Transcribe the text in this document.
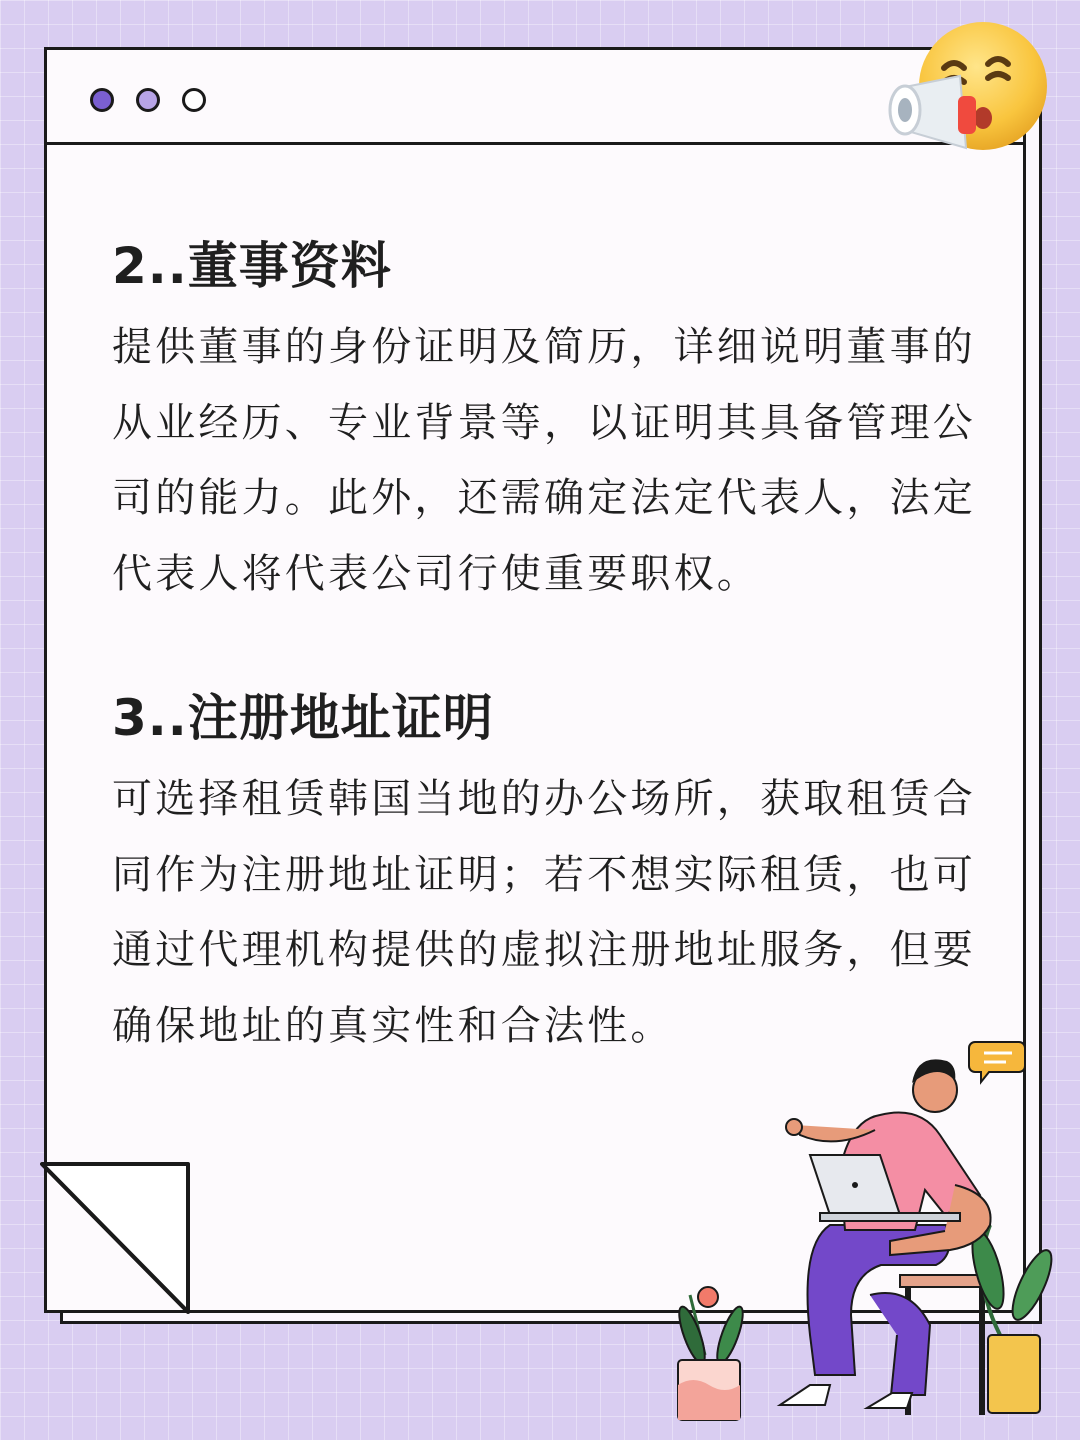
2..董事资料

提供董事的身份证明及简历，详细说明董事的从业经历、专业背景等，以证明其具备管理公司的能力。此外，还需确定法定代表人，法定代表人将代表公司行使重要职权。

3..注册地址证明

可选择租赁韩国当地的办公场所，获取租赁合同作为注册地址证明；若不想实际租赁，也可通过代理机构提供的虚拟注册地址服务，但要确保地址的真实性和合法性。
